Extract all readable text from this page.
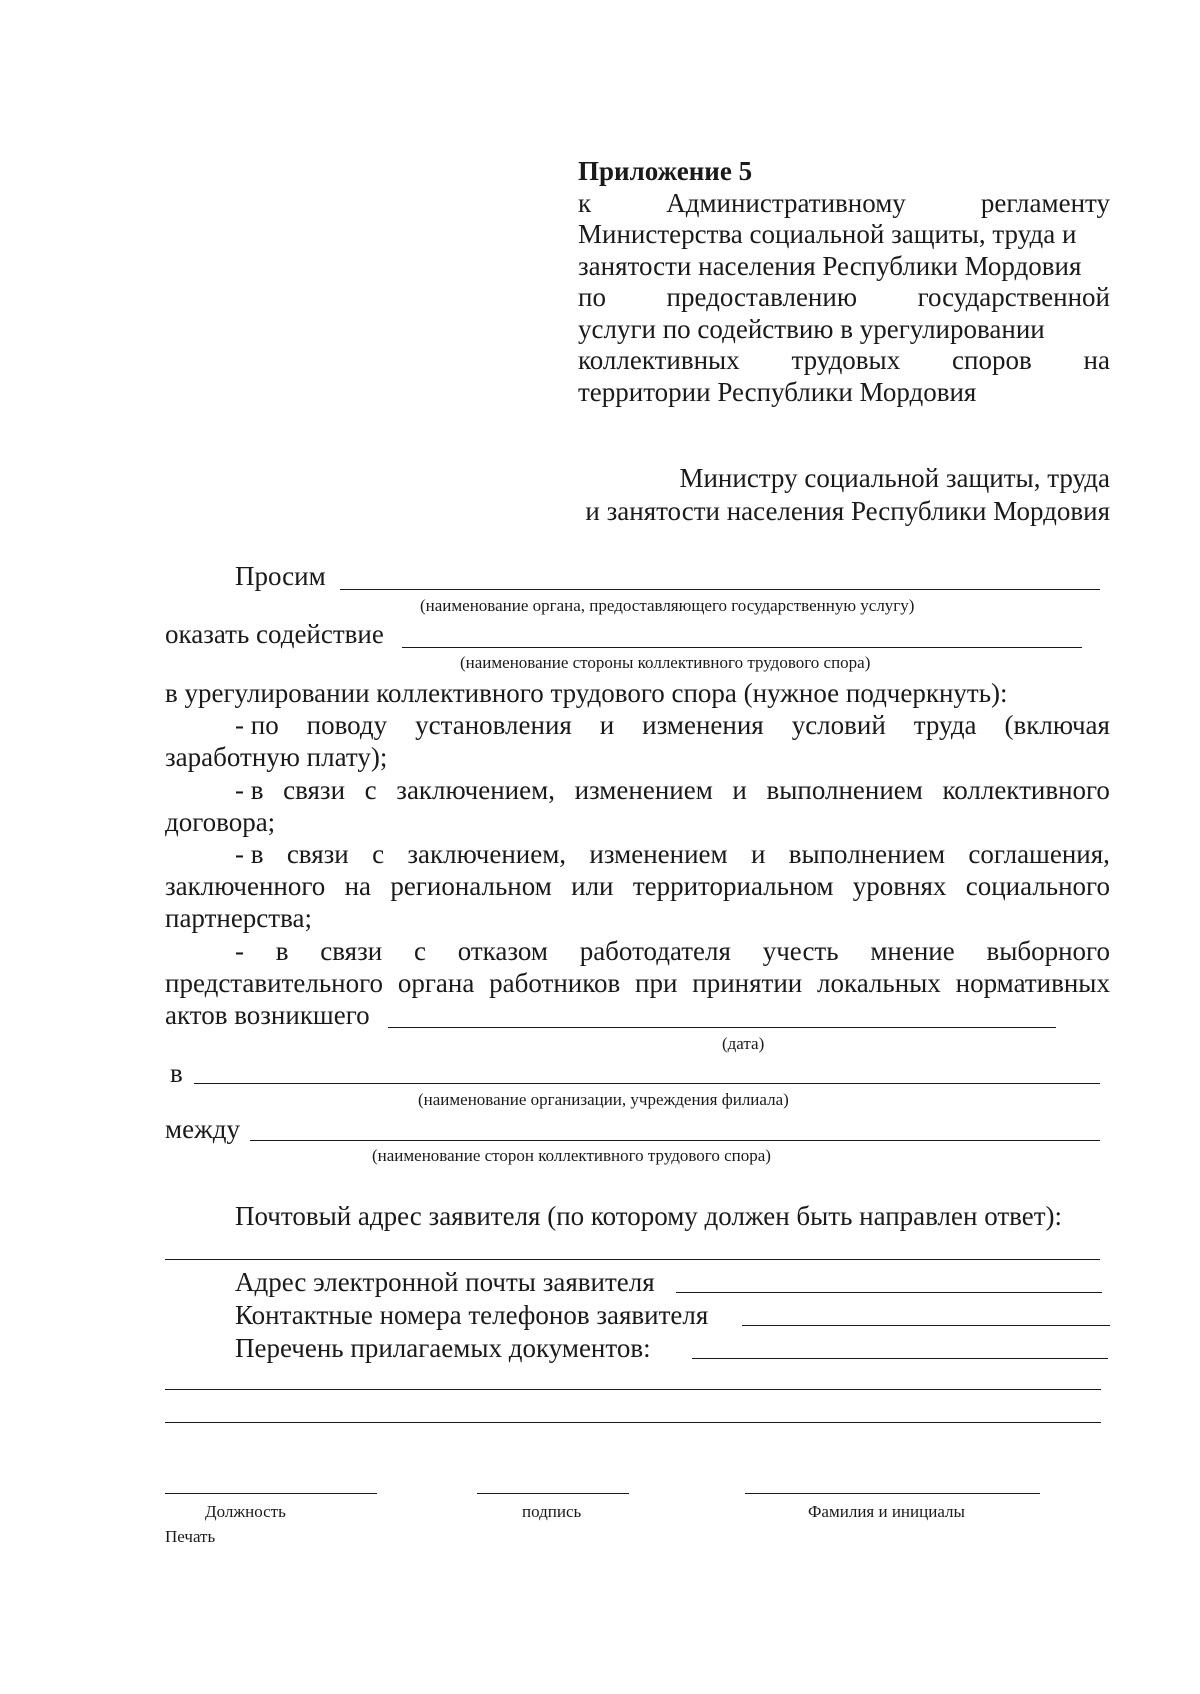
Приложение 5
к	Административному	регламенту
Министерства социальной защиты, труда и
занятости населения Республики Мордовия
по предоставлению государственной
услуги по содействию в урегулировании
коллективных трудовых споров на
территории Республики Мордовия
Министру социальной защиты, труда
и занятости населения Республики Мордовия
Просим
(наименование органа, предоставляющего государственную услугу)
оказать содействие
(наименование стороны коллективного трудового спора)
в урегулировании коллективного трудового спора (нужное подчеркнуть):
- по поводу установления и изменения условий труда (включая
заработную плату);
- в связи с заключением, изменением и выполнением коллективного
договора;
- в связи с заключением, изменением и выполнением соглашения,
заключенного на региональном или территориальном уровнях социального
партнерства;
- в связи с отказом работодателя учесть мнение выборного
представительного органа работников при принятии локальных нормативных
актов возникшего
(дата)
в
(наименование организации, учреждения филиала)
между
(наименование сторон коллективного трудового спора)
Почтовый адрес заявителя (по которому должен быть направлен ответ):
Адрес электронной почты заявителя
Контактные номера телефонов заявителя
Перечень прилагаемых документов:
Должность	подпись	Фамилия и инициалы
Печать
